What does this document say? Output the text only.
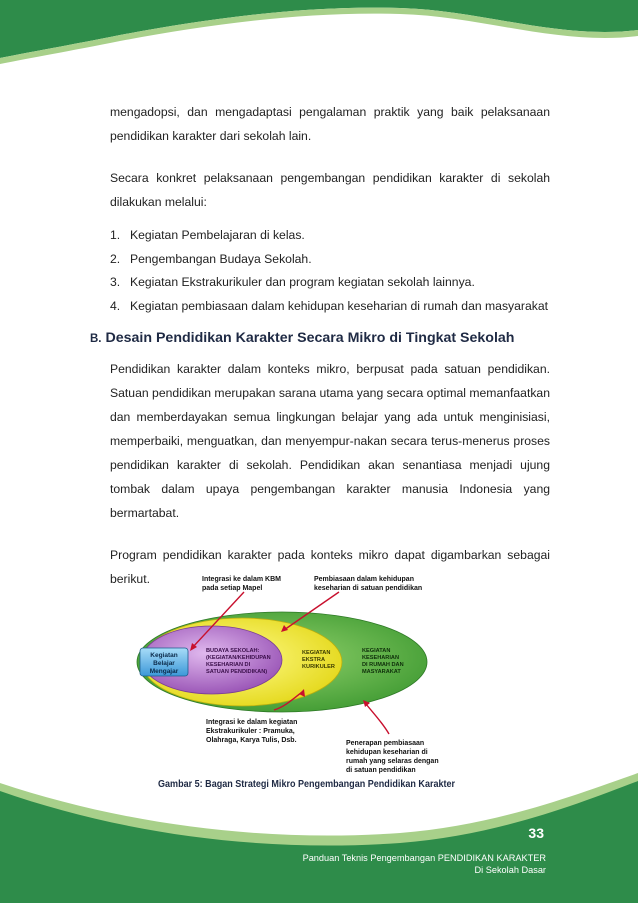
mengadopsi, dan mengadaptasi pengalaman praktik yang baik pelaksanaan pendidikan karakter dari sekolah lain.

Secara konkret pelaksanaan pengembangan pendidikan karakter di sekolah dilakukan melalui:

1. Kegiatan Pembelajaran di kelas.
2. Pengembangan Budaya Sekolah.
3. Kegiatan Ekstrakurikuler dan program kegiatan sekolah lainnya.
4. Kegiatan pembiasaan dalam kehidupan keseharian di rumah dan masyarakat
B. Desain Pendidikan Karakter Secara Mikro di Tingkat Sekolah

Pendidikan karakter dalam konteks mikro, berpusat pada satuan pendidikan. Satuan pendidikan merupakan sarana utama yang secara optimal memanfaatkan dan memberdayakan semua lingkungan belajar yang ada untuk menginisiasi, memperbaiki, menguatkan, dan menyempur-nakan secara terus-menerus proses pendidikan karakter di sekolah. Pendidikan akan senantiasa menjadi ujung tombak dalam upaya pengembangan karakter manusia Indonesia yang bermartabat.

Program pendidikan karakter pada konteks mikro dapat digambarkan sebagai berikut.	Integrasi ke dalam KBM
pada setiap Mapel
Pembiasaan dalam kehidupan
keseharian di satuan pendidikan
Kegiatan
Belajar
Mengajar
BUDAYA SEKOLAH:
(KEGIATAN/KEHIDUPAN
KESEHARIAN DI
SATUAN PENDIDIKAN)
KEGIATAN
EKSTRA
KURIKULER
KEGIATAN
KESEHARIAN
DI RUMAH DAN
MASYARAKAT
Integrasi ke dalam kegiatan
Ekstrakurikuler : Pramuka,
Olahraga, Karya Tulis, Dsb.	Penerapan pembiasaan
kehidupan keseharian di
rumah yang selaras dengan
di satuan pendidikan
Gambar 5: Bagan Strategi Mikro Pengembangan Pendidikan Karakter
33
Panduan Teknis Pengembangan PENDIDIKAN KARAKTER
Di Sekolah Dasar
